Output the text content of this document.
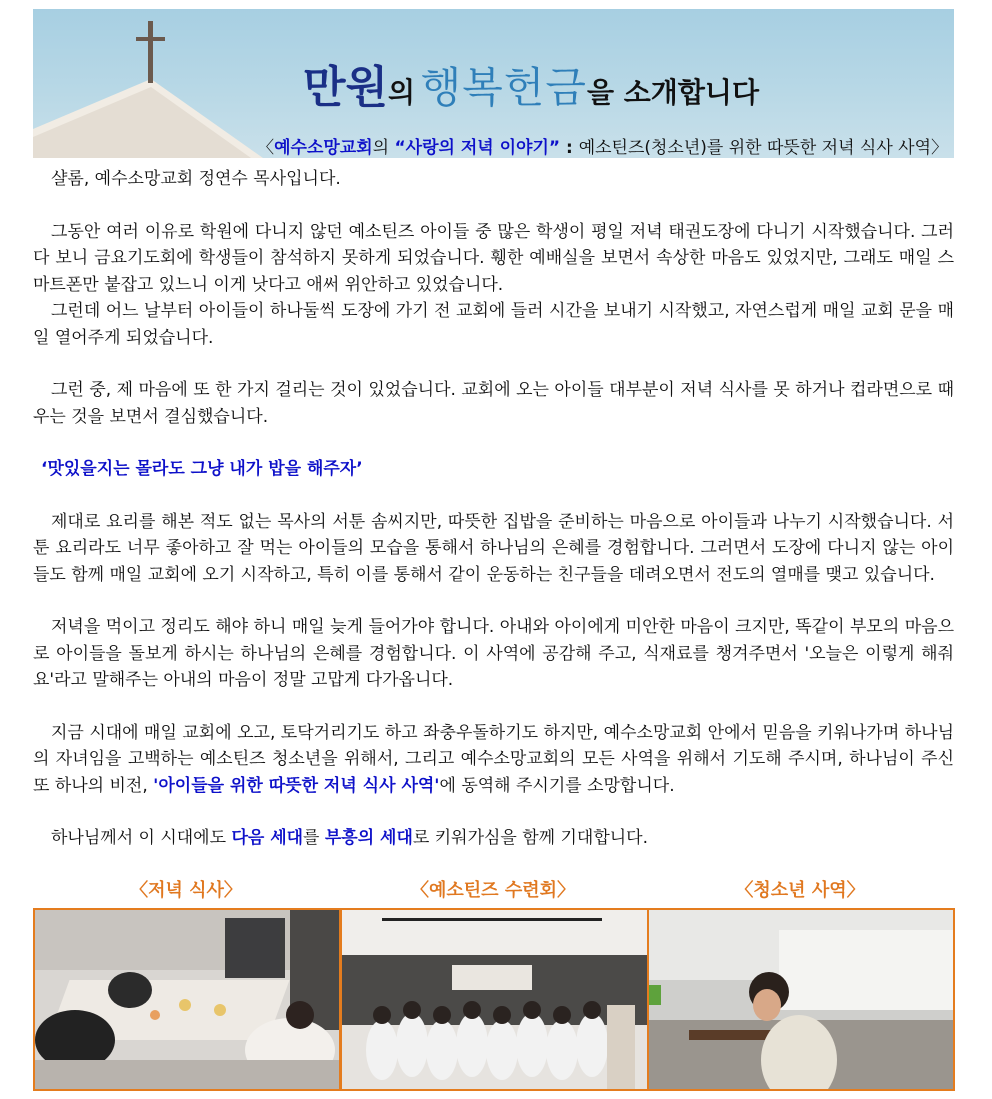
만원의 행복헌금을 소개합니다
〈예수소망교회의 “사랑의 저녁 이야기” : 예소틴즈(청소년)를 위한 따뜻한 저녁 식사 사역〉

샬롬, 예수소망교회 정연수 목사입니다.

그동안 여러 이유로 학원에 다니지 않던 예소틴즈 아이들 중 많은 학생이 평일 저녁 태권도장에 다니기 시작했습니다. 그러다 보니 금요기도회에 학생들이 참석하지 못하게 되었습니다. 휑한 예배실을 보면서 속상한 마음도 있었지만, 그래도 매일 스마트폰만 붙잡고 있느니 이게 낫다고 애써 위안하고 있었습니다.

그런데 어느 날부터 아이들이 하나둘씩 도장에 가기 전 교회에 들러 시간을 보내기 시작했고, 자연스럽게 매일 교회 문을 매일 열어주게 되었습니다.

그런 중, 제 마음에 또 한 가지 걸리는 것이 있었습니다. 교회에 오는 아이들 대부분이 저녁 식사를 못 하거나 컵라면으로 때우는 것을 보면서 결심했습니다.

‘맛있을지는 몰라도 그냥 내가 밥을 해주자’

제대로 요리를 해본 적도 없는 목사의 서툰 솜씨지만, 따뜻한 집밥을 준비하는 마음으로 아이들과 나누기 시작했습니다. 서툰 요리라도 너무 좋아하고 잘 먹는 아이들의 모습을 통해서 하나님의 은혜를 경험합니다. 그러면서 도장에 다니지 않는 아이들도 함께 매일 교회에 오기 시작하고, 특히 이를 통해서 같이 운동하는 친구들을 데려오면서 전도의 열매를 맺고 있습니다.

저녁을 먹이고 정리도 해야 하니 매일 늦게 들어가야 합니다. 아내와 아이에게 미안한 마음이 크지만, 똑같이 부모의 마음으로 아이들을 돌보게 하시는 하나님의 은혜를 경험합니다. 이 사역에 공감해 주고, 식재료를 챙겨주면서 '오늘은 이렇게 해줘요'라고 말해주는 아내의 마음이 정말 고맙게 다가옵니다.

지금 시대에 매일 교회에 오고, 토닥거리기도 하고 좌충우돌하기도 하지만, 예수소망교회 안에서 믿음을 키워나가며 하나님의 자녀임을 고백하는 예소틴즈 청소년을 위해서, 그리고 예수소망교회의 모든 사역을 위해서 기도해 주시며, 하나님이 주신 또 하나의 비전, '아이들을 위한 따뜻한 저녁 식사 사역'에 동역해 주시기를 소망합니다.

하나님께서 이 시대에도 다음 세대를 부흥의 세대로 키워가심을 함께 기대합니다.

〈저녁 식사〉	〈예소틴즈 수련회〉	〈청소년 사역〉
